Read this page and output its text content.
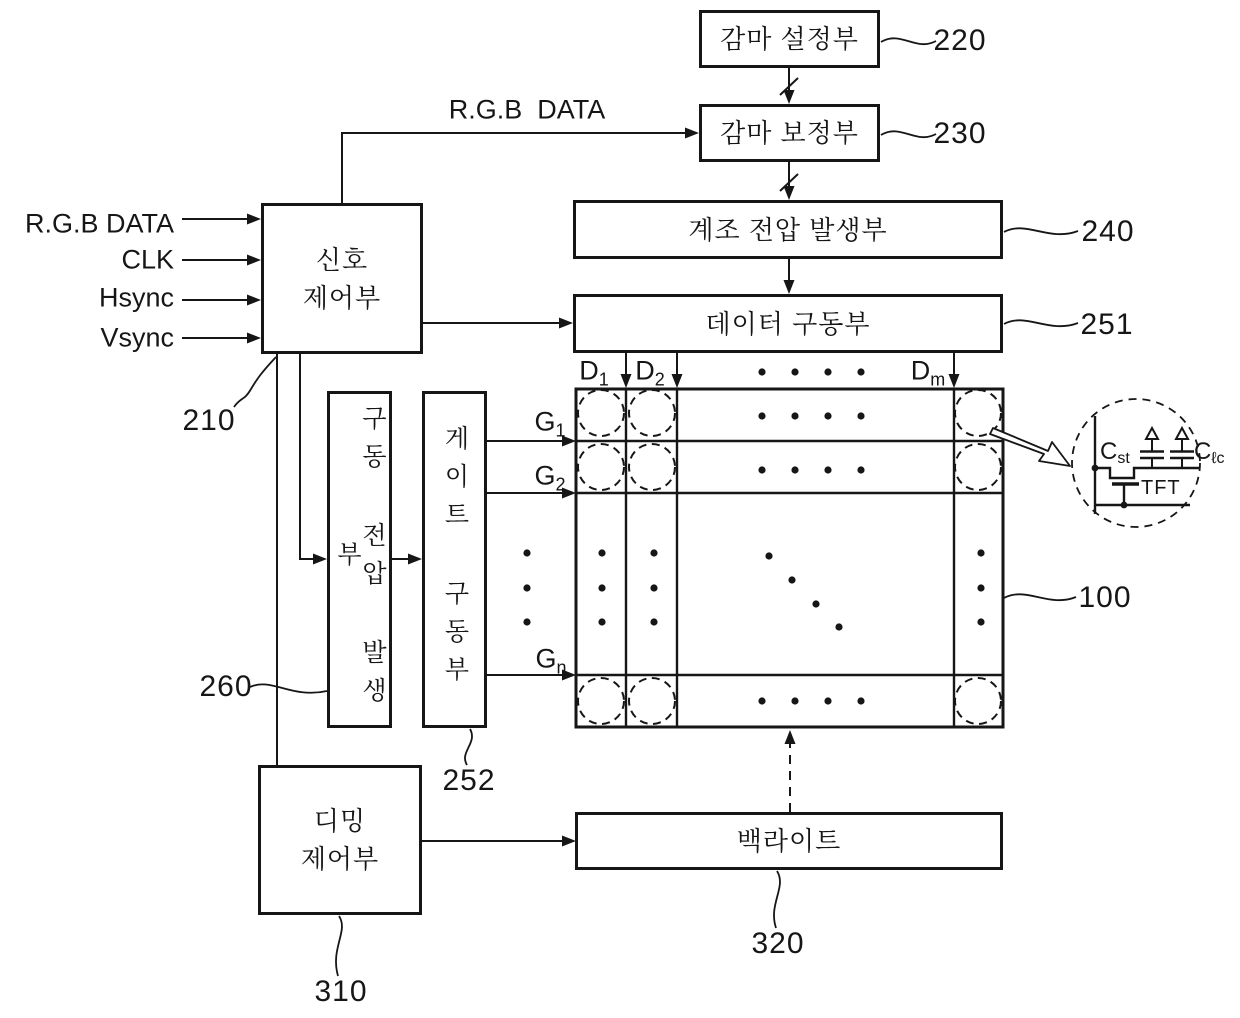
감마 설정부
감마 보정부
계조 전압 발생부
데이터 구동부
신호
제어부
구동 전압 발생부	게이트 구동부
디밍
제어부
백라이트
R.G.B  DATA
R.G.B DATA
CLK
Hsync
Vsync
220
230
240
251
100
210
260
252
310
320
$D_1$ $D_2$	$D_m$
$G_1$
$G_2$
$G_n$
Cst	Cℓc
TFT
